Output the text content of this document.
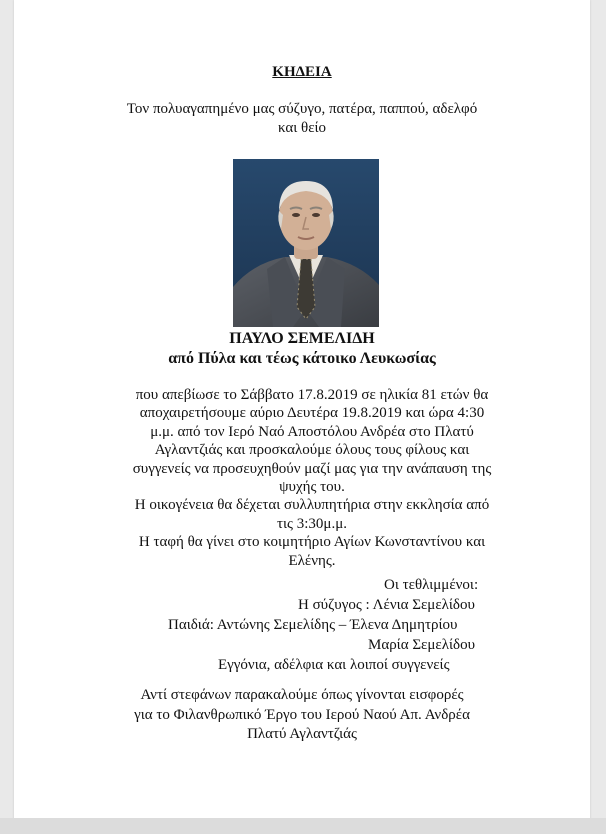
ΚΗΔΕΙΑ
Τον πολυαγαπημένο μας σύζυγο, πατέρα, παππού, αδελφό
και θείο
ΠΑΥΛΟ ΣΕΜΕΛΙΔΗ
από Πύλα και τέως κάτοικο Λευκωσίας

που απεβίωσε το Σάββατο 17.8.2019 σε ηλικία 81 ετών θα

αποχαιρετήσουμε αύριο Δευτέρα 19.8.2019 και ώρα 4:30

μ.μ. από τον Ιερό Ναό Αποστόλου Ανδρέα στο Πλατύ

Αγλαντζιάς και προσκαλούμε όλους τους φίλους και

συγγενείς να προσευχηθούν μαζί μας για την ανάπαυση της

ψυχής του.

Η οικογένεια θα δέχεται συλλυπητήρια στην εκκλησία από

τις 3:30μ.μ.

Η ταφή θα γίνει στο κοιμητήριο Αγίων Κωνσταντίνου και

Ελένης.

Οι τεθλιμμένοι:
Η σύζυγος : Λένια Σεμελίδου
Παιδιά: Αντώνης Σεμελίδης – Έλενα Δημητρίου
Μαρία Σεμελίδου
Εγγόνια, αδέλφια και λοιποί συγγενείς
Αντί στεφάνων παρακαλούμε όπως γίνονται εισφορές
για το Φιλανθρωπικό Έργο του Ιερού Ναού Απ. Ανδρέα
Πλατύ Αγλαντζιάς
